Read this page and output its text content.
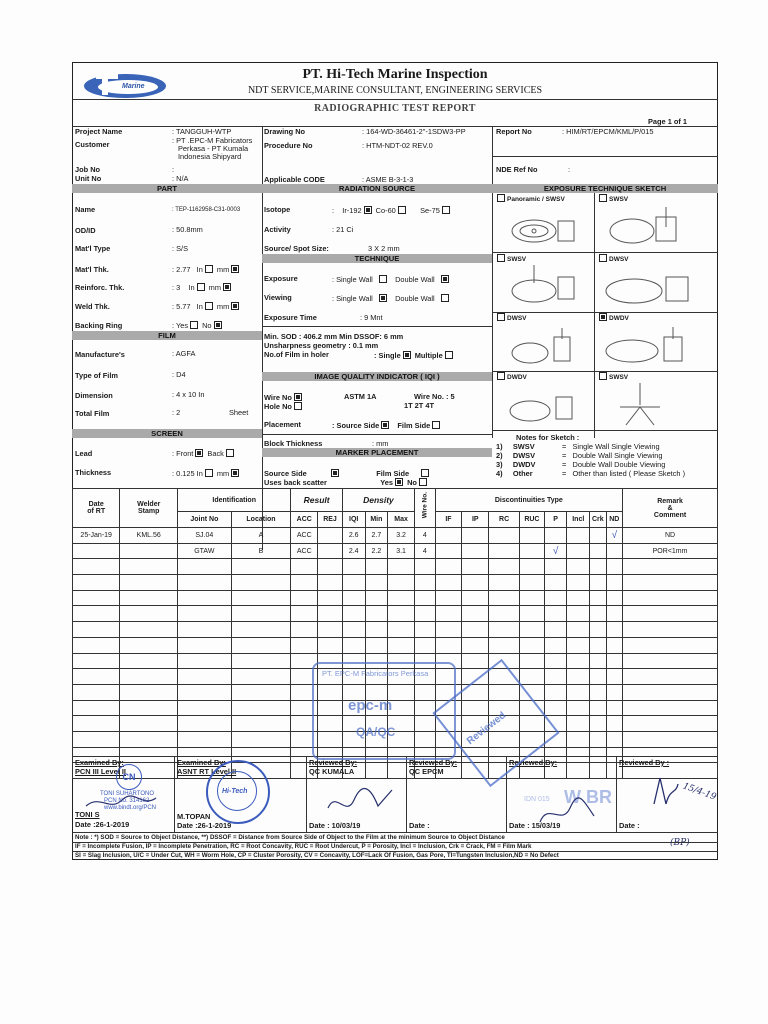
Marine
PT. Hi-Tech Marine Inspection
NDT SERVICE,MARINE CONSULTANT, ENGINEERING SERVICES
RADIOGRAPHIC TEST REPORT
Page 1 of 1
Project Name	: TANGGUH-WTP
Customer	: PT .EPC-M Fabricators
Perkasa - PT Kumala
Indonesia Shipyard
Job No	:
Unit No	: N/A
Drawing No	: 164-WD-36461-2"-1SDW3-PP
Procedure No	: HTM-NDT-02 REV.0
Applicable CODE	: ASME B-3-1-3
Report No	: HIM/RT/EPCM/KML/P/015
NDE Ref No	:
PART	RADIATION SOURCE	EXPOSURE TECHNIQUE SKETCH
Name	: TEP-1162958-C31-0003
OD/ID	: 50.8mm
Mat'l Type	: S/S
Mat'l Thk.	: 2.77 In mm
Reinforc. Thk.	: 3 In mm
Weld Thk.	: 5.77 In mm
Backing Ring	: Yes No
FILM
Manufacture's	: AGFA
Type of Film	: D4
Dimension	: 4 x 10 In
Total Film	: 2	Sheet
SCREEN
Lead	: Front Back
Thickness	: 0.125 In mm
Isotope	: Ir-192 Co-60	Se-75
Activity	: 21 Ci
Source/ Spot Size:	3 X 2 mm
TECHNIQUE
Exposure	: Single Wall	Double Wall
Viewing	: Single Wall	Double Wall
Exposure Time	: 9 Mnt
Min. SOD : 406.2 mm Min DSSOF: 6 mm
Unsharpness geometry : 0.1 mm
No.of Film in holer	: Single Multiple
IMAGE QUALITY INDICATOR ( IQI )
Wire No	ASTM 1A	Wire No. : 5
Hole No	1T 2T 4T
Placement	: Source Side Film Side
Block Thickness	: mm
MARKER PLACEMENT
Source Side	Film Side
Uses back scatter	Yes No
Panoramic / SWSV	SWSV
SWSV	DWSV
DWSV	DWDV
DWDV	SWSV
Notes for Sketch :
1) SWSV	= Single Wall Single Viewing
2) DWSV	= Double Wall Single Viewing
3) DWDV	= Double Wall Double Viewing
4) Other	= Other than listed ( Please Sketch )
Date
of RT	Welder
Stamp	Identification		Result		Density			Wire No.	Discontinuities Type								Remark
&
Comment
		Joint No	Location	ACC	REJ	IQI	Min	Max		IF	IP	RC	RUC	P	Incl	Crk	ND	
25-Jan-19	KML.56	SJ.04	A	ACC		2.6	2.7	3.2	4								√	ND
		GTAW	B	ACC		2.4	2.2	3.1	4					√				POR<1mm

Examined By:
PCN III Level II
TONI S
Date :26-1-2019
Examined By:
ASNT RT Level II
M.TOPAN
Date :26-1-2019
Reviewed By:
QC KUMALA
Date : 10/03/19
Reviewed By:
QC EPCM
Date :
Reviewed By:
Date : 15/03/19
Reviewed By :
Date :
CN
TONI SUHARTONO
PCN No. 314162
www.bindt.org/PCN
Hi-Tech
PT. EPC-M Fabricators Perkasa
epc-m
QA/QC	Reviewed
W BR
IDN 015	15/4-19
(BP)
Note : *) SOD = Source to Object Distance, **) DSSOF = Distance from Source Side of Object to the Film at the minimum Source to Object Distance
IF = Incomplete Fusion, IP = Incomplete Penetration, RC = Root Concavity, RUC = Root Undercut, P = Porosity, Incl = Inclusion, Crk = Crack, FM = Film Mark
SI = Slag Inclusion, U/C = Under Cut, WH = Worm Hole, CP = Cluster Porosity, CV = Concavity, LOF=Lack Of Fusion, Gas Pore, TI=Tungsten Inclusion,ND = No Defect
